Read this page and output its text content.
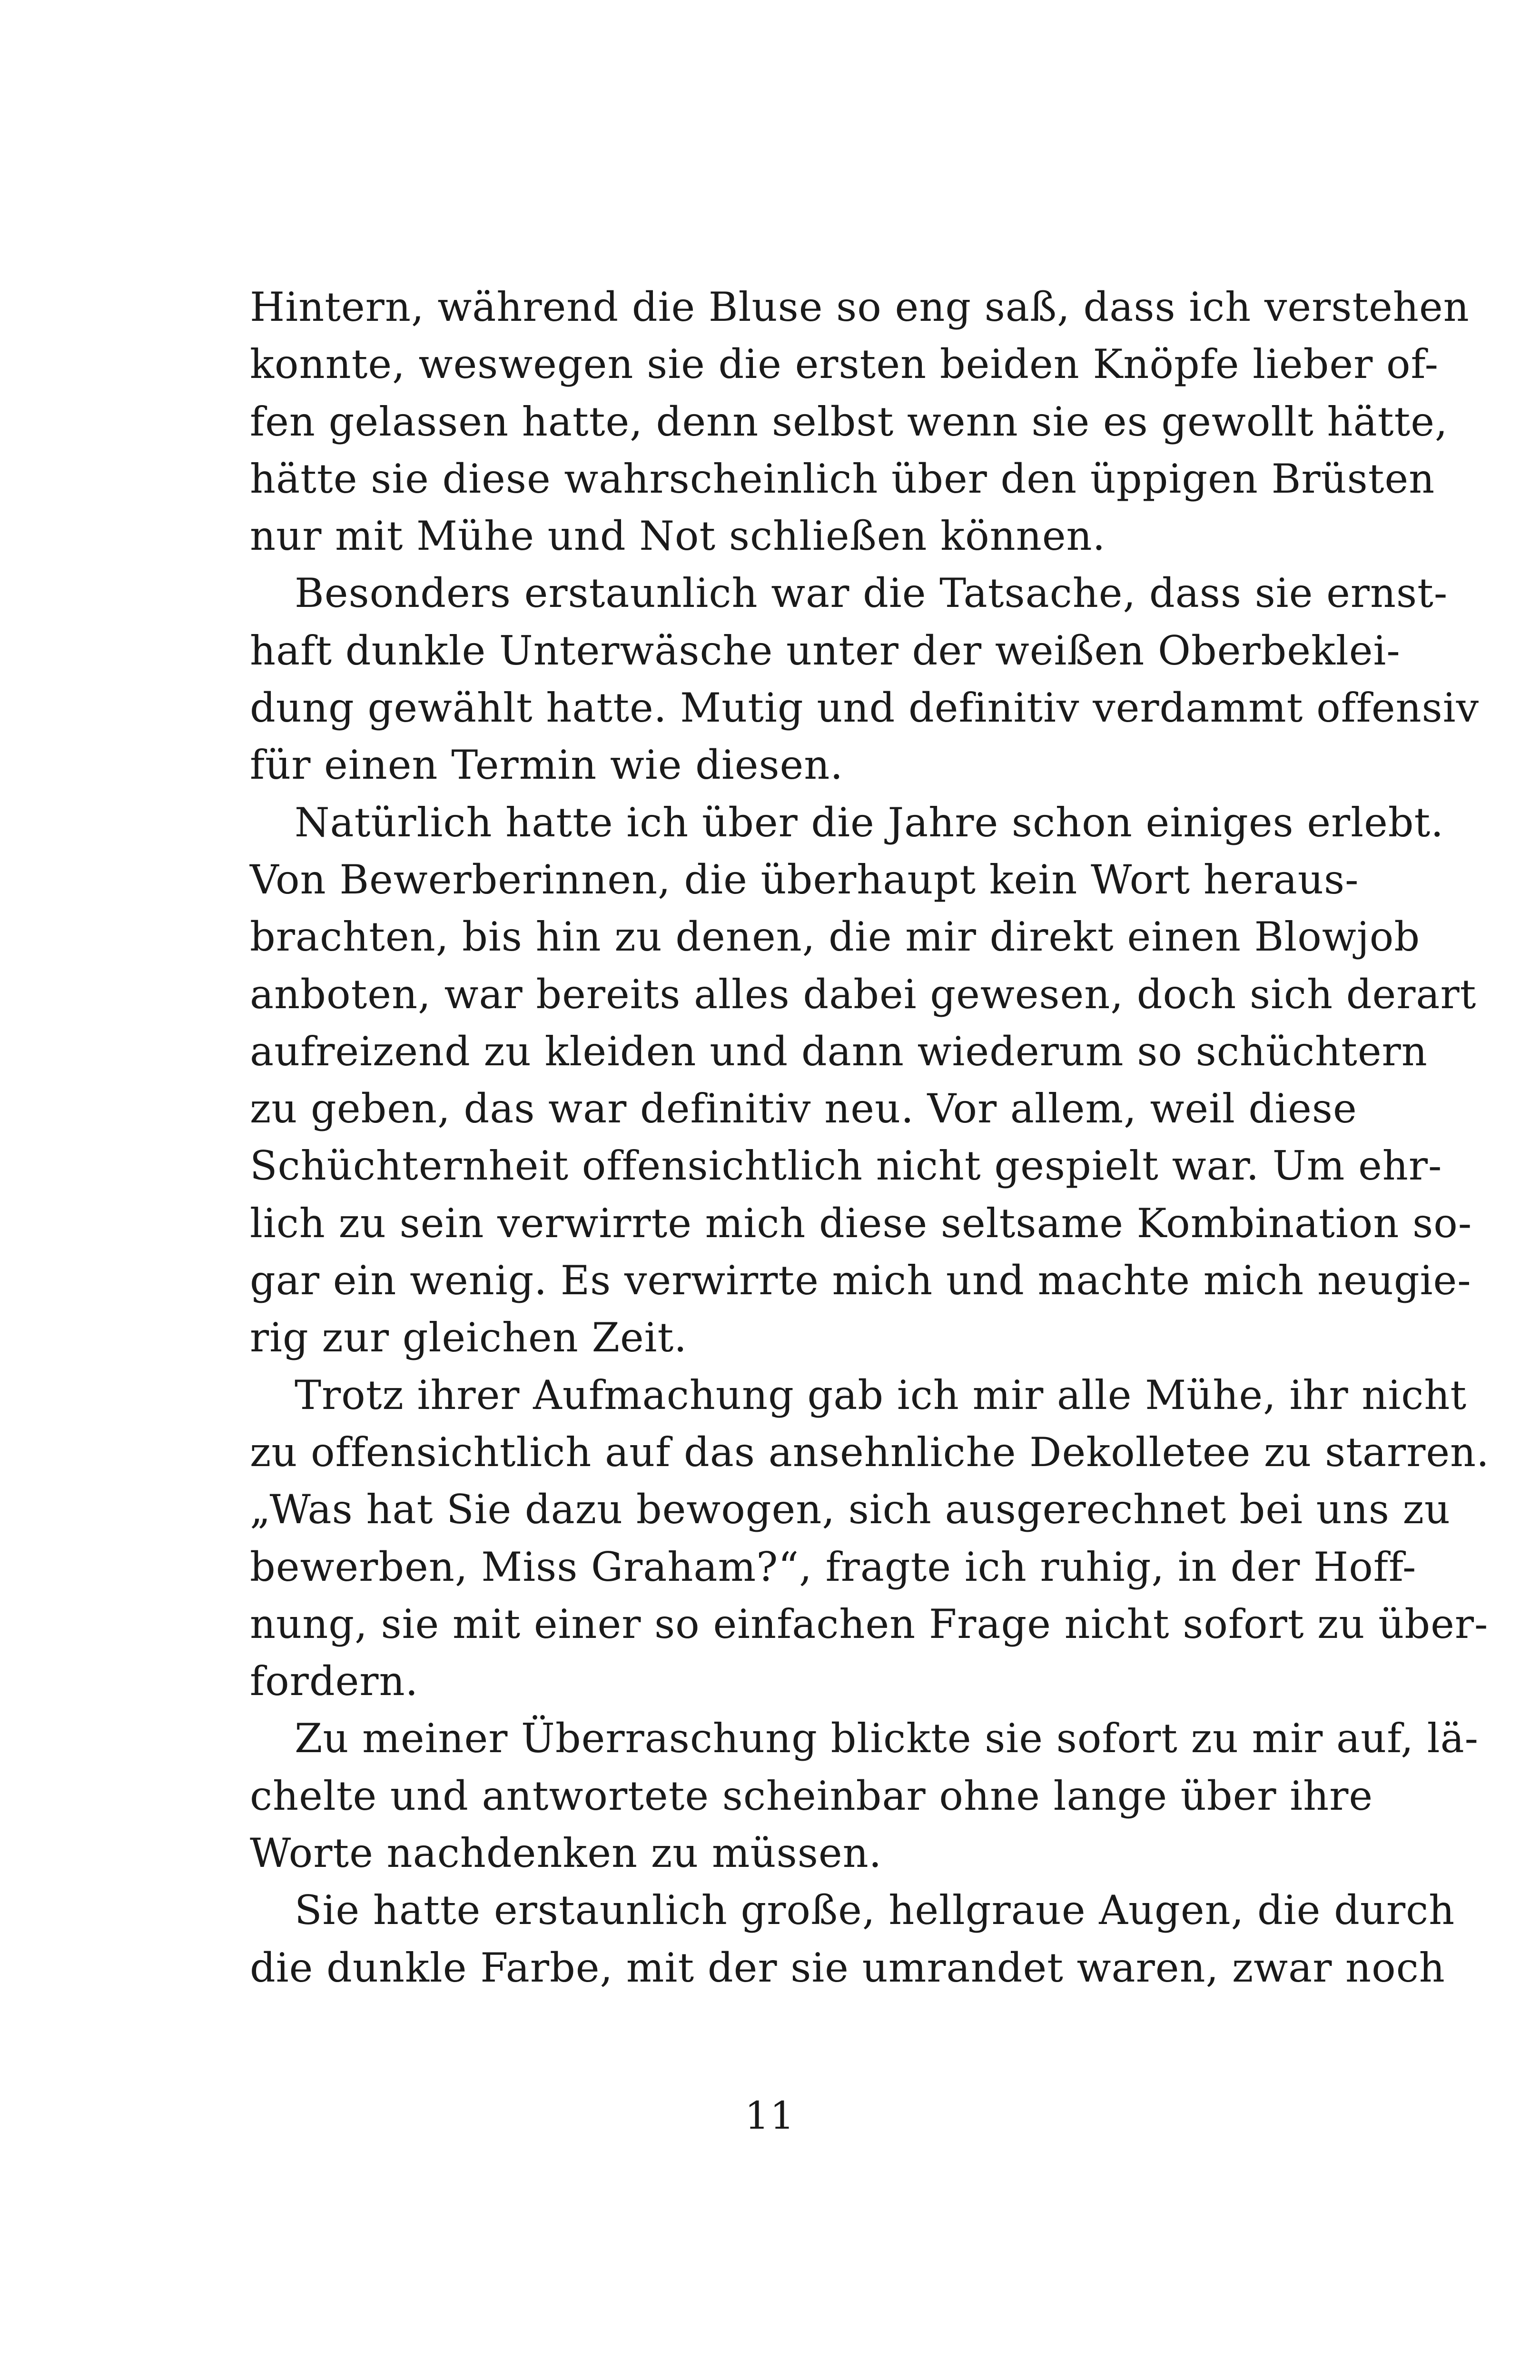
Hintern, während die Bluse so eng saß, dass ich verstehen
konnte, weswegen sie die ersten beiden Knöpfe lieber of-
fen gelassen hatte, denn selbst wenn sie es gewollt hätte,
hätte sie diese wahrscheinlich über den üppigen Brüsten
nur mit Mühe und Not schließen können.
Besonders erstaunlich war die Tatsache, dass sie ernst-
haft dunkle Unterwäsche unter der weißen Oberbeklei-
dung gewählt hatte. Mutig und definitiv verdammt offensiv
für einen Termin wie diesen.
Natürlich hatte ich über die Jahre schon einiges erlebt.
Von Bewerberinnen, die überhaupt kein Wort heraus-
brachten, bis hin zu denen, die mir direkt einen Blowjob
anboten, war bereits alles dabei gewesen, doch sich derart
aufreizend zu kleiden und dann wiederum so schüchtern
zu geben, das war definitiv neu. Vor allem, weil diese
Schüchternheit offensichtlich nicht gespielt war. Um ehr-
lich zu sein verwirrte mich diese seltsame Kombination so-
gar ein wenig. Es verwirrte mich und machte mich neugie-
rig zur gleichen Zeit.
Trotz ihrer Aufmachung gab ich mir alle Mühe, ihr nicht
zu offensichtlich auf das ansehnliche Dekolletee zu starren.
„Was hat Sie dazu bewogen, sich ausgerechnet bei uns zu
bewerben, Miss Graham?“, fragte ich ruhig, in der Hoff-
nung, sie mit einer so einfachen Frage nicht sofort zu über-
fordern.
Zu meiner Überraschung blickte sie sofort zu mir auf, lä-
chelte und antwortete scheinbar ohne lange über ihre
Worte nachdenken zu müssen.
Sie hatte erstaunlich große, hellgraue Augen, die durch
die dunkle Farbe, mit der sie umrandet waren, zwar noch
11
